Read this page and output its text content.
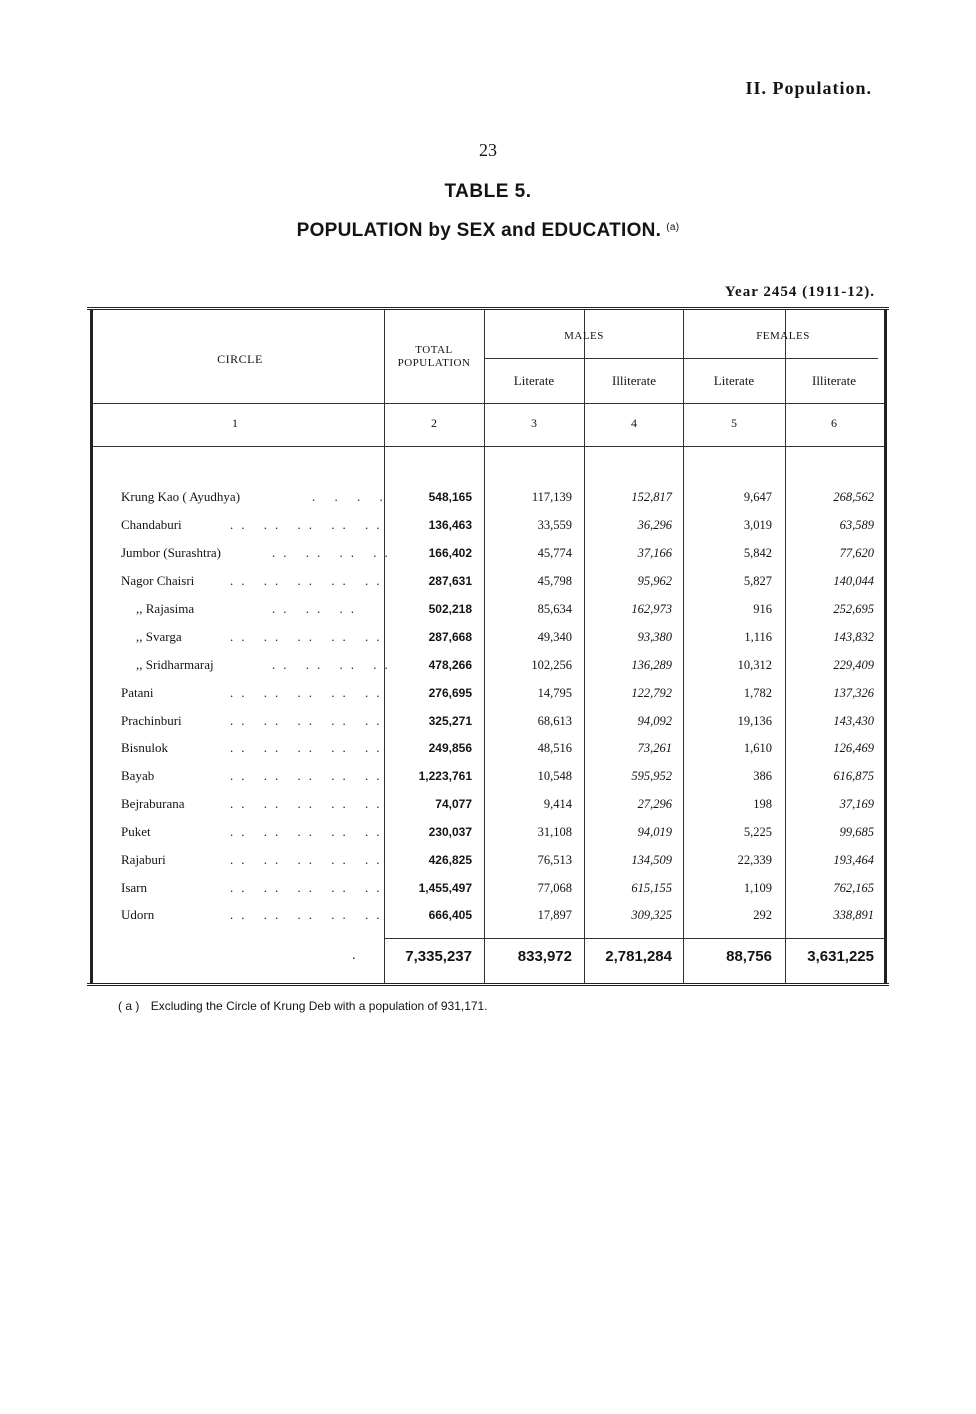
II. Population.
23
TABLE 5.
POPULATION by SEX and EDUCATION. $^{(a)}$
Year 2454 (1911-12).
CIRCLE
TOTAL
POPULATION
MALES	FEMALES
Literate	Illiterate	Literate	Illiterate
1	2	3	4	5	6
Krung Kao ( Ayudhya)	. . . .	548,165	117,139	152,817	9,647	268,562
Chandaburi	.. .. .. .. ..	136,463	33,559	36,296	3,019	63,589
Jumbor (Surashtra)	.. .. .. ..	166,402	45,774	37,166	5,842	77,620
Nagor Chaisri	.. .. .. .. ..	287,631	45,798	95,962	5,827	140,044
,, Rajasima	.. .. ..	502,218	85,634	162,973	916	252,695
,, Svarga	.. .. .. .. ..	287,668	49,340	93,380	1,116	143,832
,, Sridharmaraj	.. .. .. ..	478,266	102,256	136,289	10,312	229,409
Patani	.. .. .. .. ..	276,695	14,795	122,792	1,782	137,326
Prachinburi	.. .. .. .. ..	325,271	68,613	94,092	19,136	143,430
Bisnulok	.. .. .. .. ..	249,856	48,516	73,261	1,610	126,469
Bayab	.. .. .. .. ..	1,223,761	10,548	595,952	386	616,875
Bejraburana	.. .. .. .. ..	74,077	9,414	27,296	198	37,169
Puket	.. .. .. .. ..	230,037	31,108	94,019	5,225	99,685
Rajaburi	.. .. .. .. ..	426,825	76,513	134,509	22,339	193,464
Isarn	.. .. .. .. ..	1,455,497	77,068	615,155	1,109	762,165
Udorn	.. .. .. .. ..	666,405	17,897	309,325	292	338,891
.	7,335,237	833,972	2,781,284	88,756	3,631,225
( a ) Excluding the Circle of Krung Deb with a population of 931,171.
